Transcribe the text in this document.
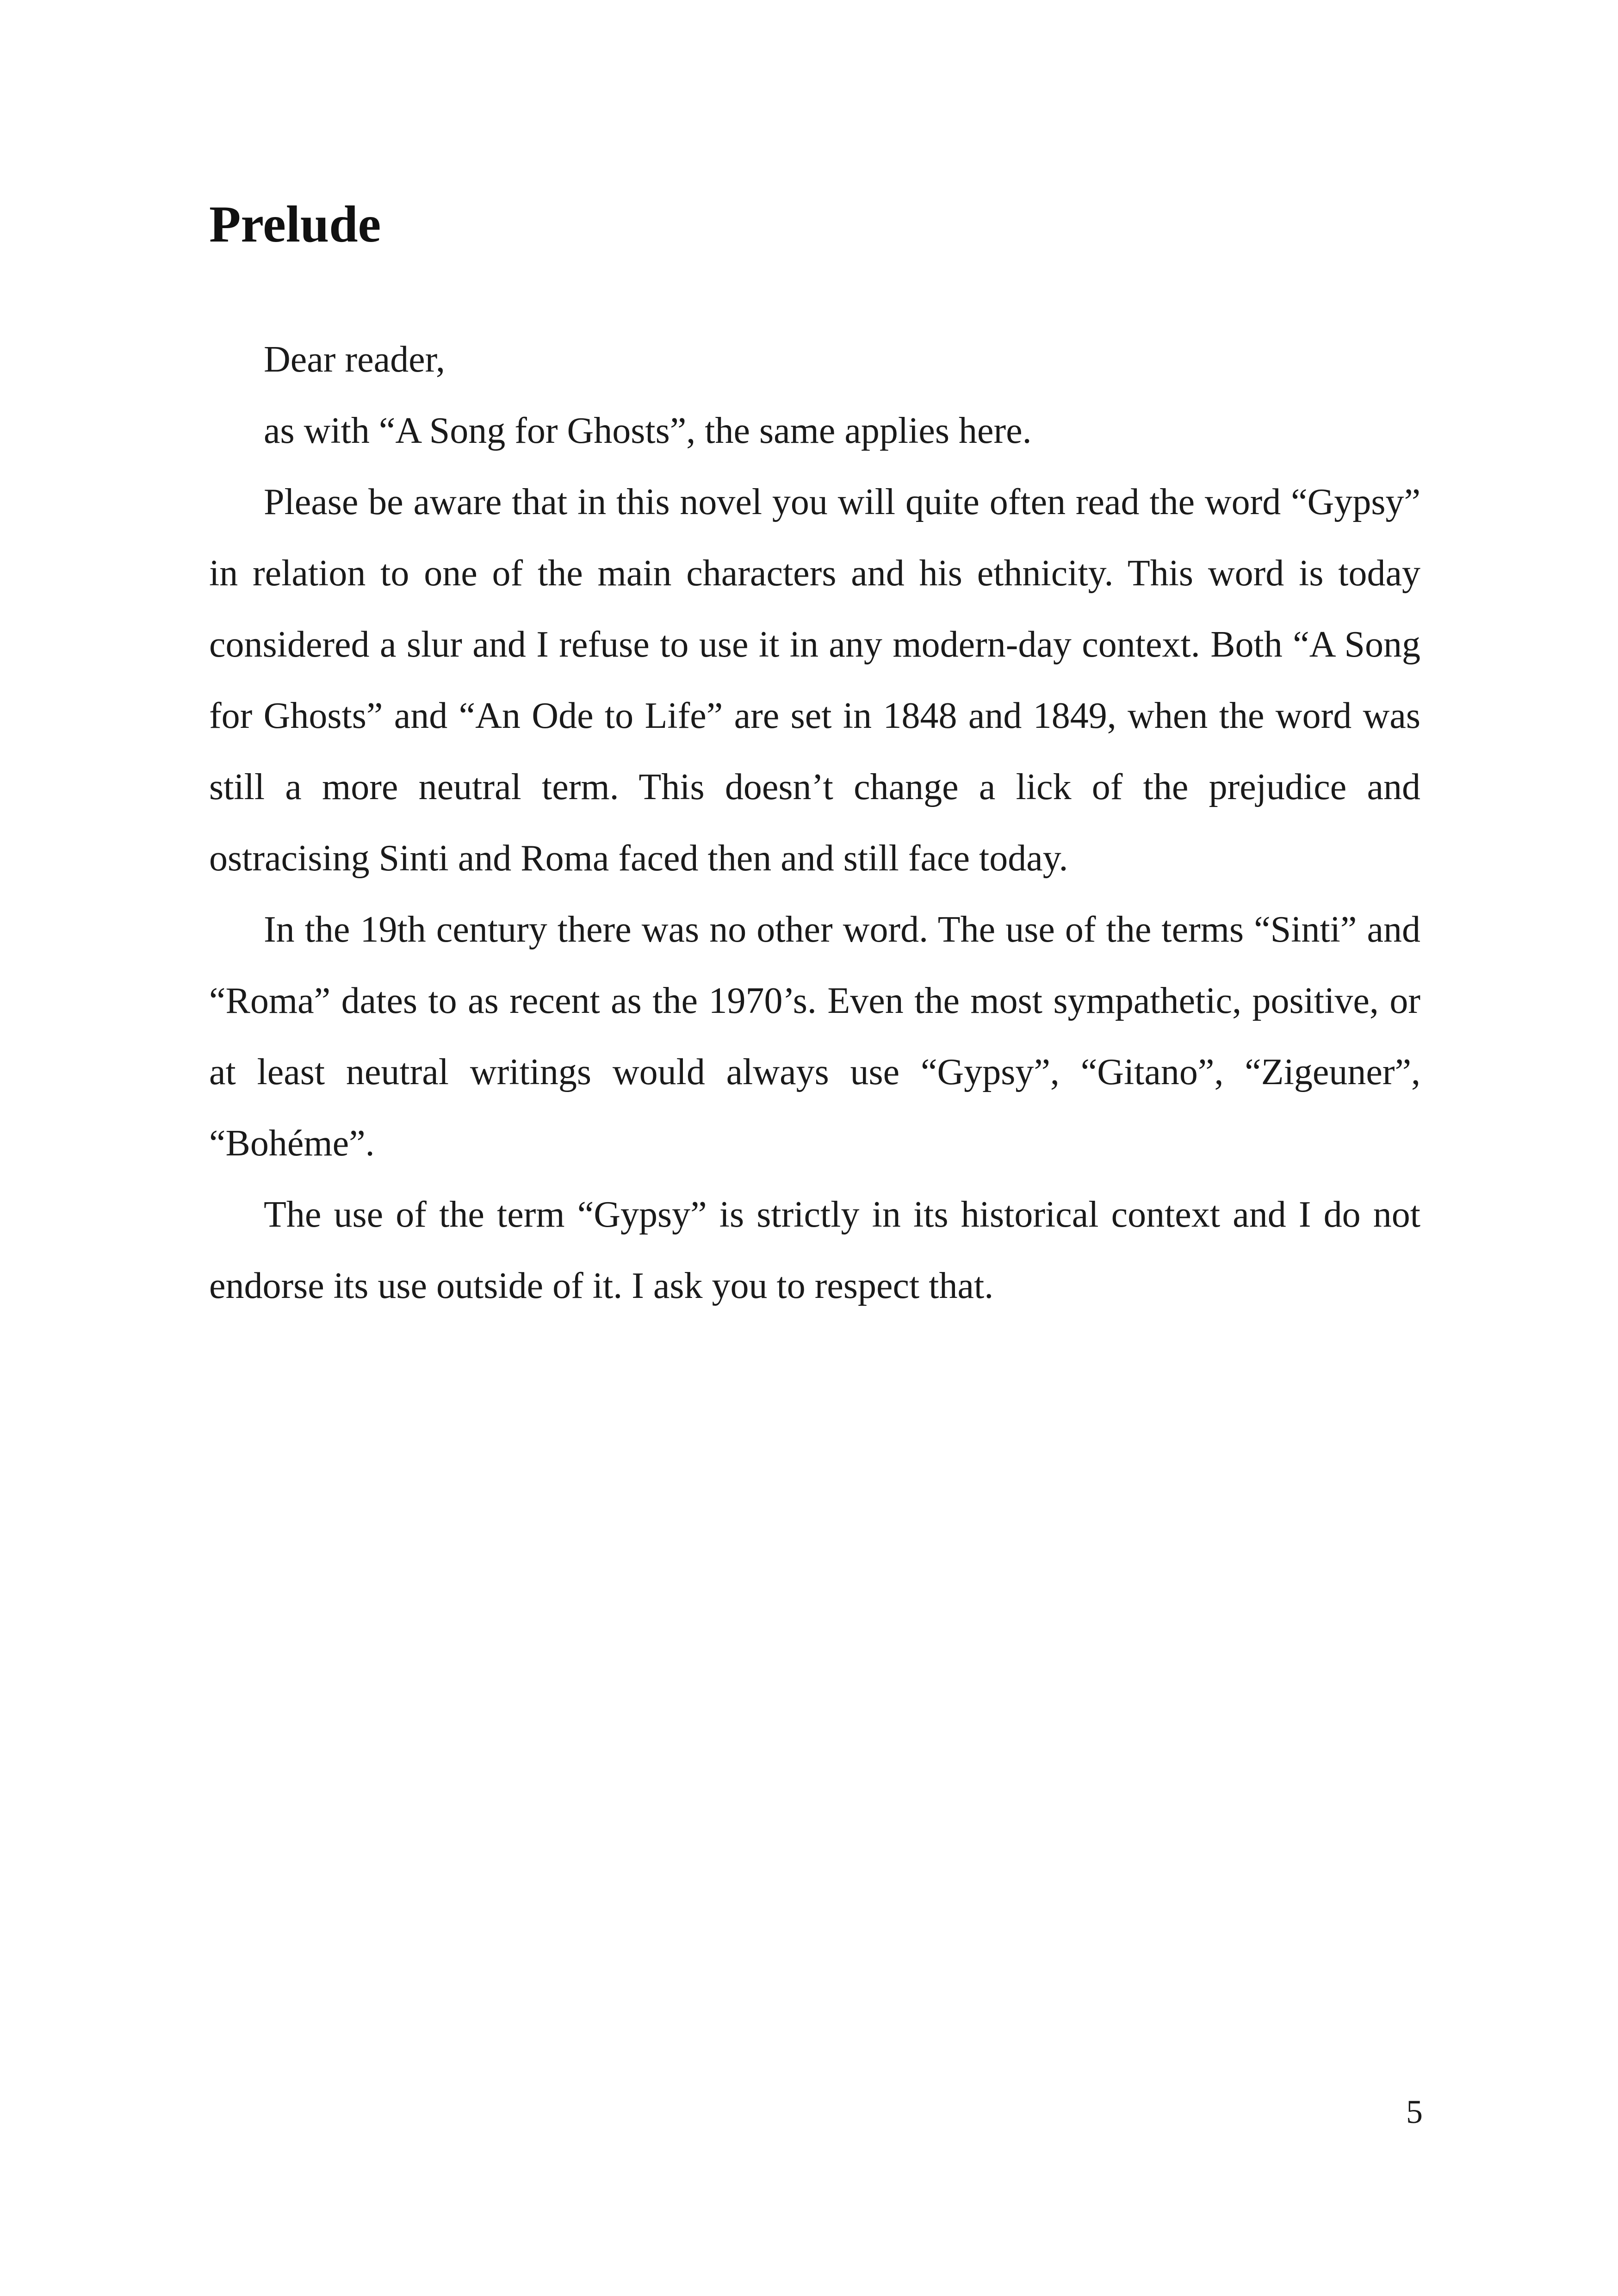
Prelude

Dear reader,

as with “A Song for Ghosts”, the same applies here.

Please be aware that in this novel you will quite often read the word “Gypsy” in relation to one of the main characters and his ethnicity. This word is today considered a slur and I refuse to use it in any modern-day context. Both “A Song for Ghosts” and “An Ode to Life” are set in 1848 and 1849, when the word was still a more neutral term. This doesn’t change a lick of the prejudice and ostracising Sinti and Roma faced then and still face today.

In the 19th century there was no other word. The use of the terms “Sinti” and “Roma” dates to as recent as the 1970’s. Even the most sympathetic, positive, or at least neutral writings would always use “Gypsy”, “Gitano”, “Zigeuner”, “Bohéme”.

The use of the term “Gypsy” is strictly in its historical context and I do not endorse its use outside of it. I ask you to respect that.

5
